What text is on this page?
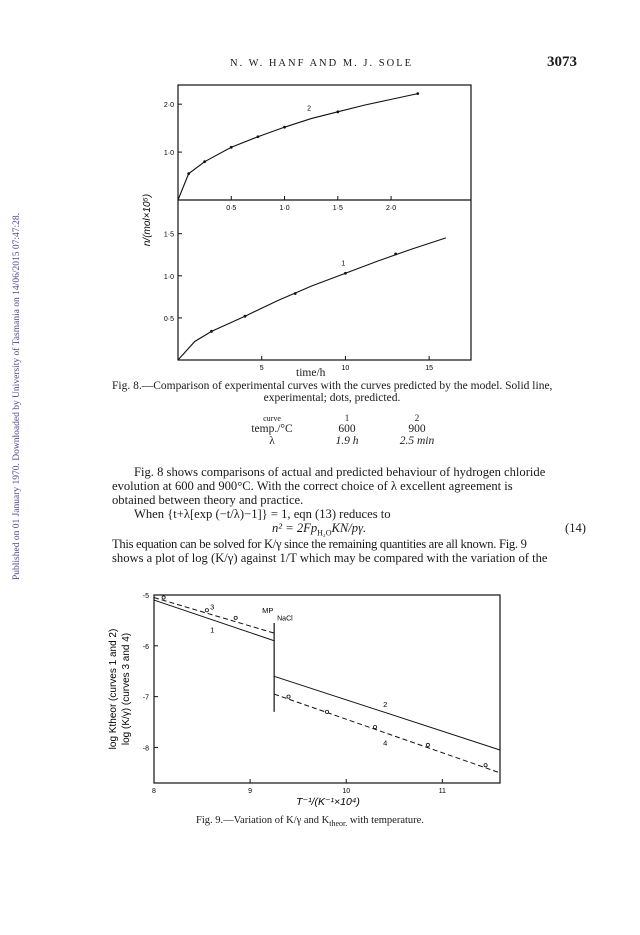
Published on 01 January 1970. Downloaded by University of Tasmania on 14/06/2015 07:47:28.
N. W. HANF AND M. J. SOLE	3073
0·5	1·0	1·5	2·0
1·0
2·0	2
5	10	15
0·5
1·0
1·5
1
n/(mol×10⁵)
time/h
Fig. 8.—Comparison of experimental curves with the curves predicted by the model. Solid line,
experimental; dots, predicted.
curve	1	2
temp./°C	600	900
λ	1.9 h	2.5 min
Fig. 8 shows comparisons of actual and predicted behaviour of hydrogen chloride
evolution at 600 and 900°C. With the correct choice of λ excellent agreement is
obtained between theory and practice.
When {t+λ[exp (−t/λ)−1]} = 1, eqn (13) reduces to
$n^2 = 2Fp_{H_2O}KN/p\gamma$.	(14)
This equation can be solved for K/γ since the remaining quantities are all known. Fig. 9
shows a plot of log (K/γ) against 1/T which may be compared with the variation of the
8	9	10	11
-5
-6
-7
-8
MP
NaCl
1
2
3
4
log Ktheor (curves 1 and 2) log (K/γ) (curves 3 and 4)
T⁻¹/(K⁻¹×10⁴)
Fig. 9.—Variation of K/γ and $K_{theor.}$ with temperature.
